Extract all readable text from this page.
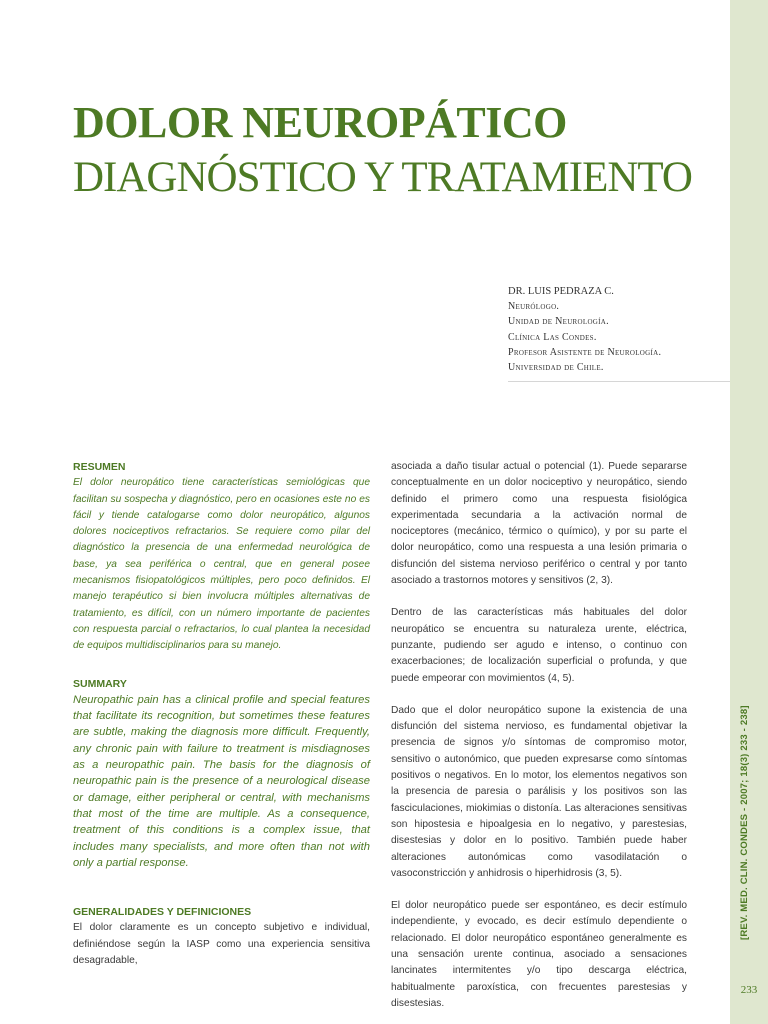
[REV. MED. CLIN. CONDES - 2007; 18(3) 233 - 238]
233
DOLOR NEUROPÁTICO
DIAGNÓSTICO Y TRATAMIENTO
DR. LUIS PEDRAZA C.
Neurólogo.
Unidad de Neurología.
Clínica Las Condes.
Profesor Asistente de Neurología.
Universidad de Chile.
RESUMEN

El dolor neuropático tiene características semiológicas que facilitan su sospecha y diagnóstico, pero en ocasiones este no es fácil y tiende catalogarse como dolor neuropático, algunos dolores nociceptivos refractarios. Se requiere como pilar del diagnóstico la presencia de una enfermedad neurológica de base, ya sea periférica o central, que en general posee mecanismos fisiopatológicos múltiples, pero poco definidos. El manejo terapéutico si bien involucra múltiples alternativas de tratamiento, es difícil, con un número importante de pacientes con respuesta parcial o refractarios, lo cual plantea la necesidad de equipos multidisciplinarios para su manejo.

SUMMARY

Neuropathic pain has a clinical profile and special features that facilitate its recognition, but sometimes these features are subtle, making the diagnosis more difficult. Frequently, any chronic pain with failure to treatment is misdiagnoses as a neuropathic pain. The basis for the diagnosis of neuropathic pain is the presence of a neurological disease or damage, either peripheral or central, with mechanisms that most of the time are multiple. As a consequence, treatment of this conditions is a complex issue, that includes many specialists, and more often than not with only a partial response.

GENERALIDADES Y DEFINICIONES

El dolor claramente es un concepto subjetivo e individual, definiéndose según la IASP como una experiencia sensitiva desagradable,

asociada a daño tisular actual o potencial (1). Puede separarse conceptualmente en un dolor nociceptivo y neuropático, siendo definido el primero como una respuesta fisiológica experimentada secundaria a la activación normal de nociceptores (mecánico, térmico o químico), y por su parte el dolor neuropático, como una respuesta a una lesión primaria o disfunción del sistema nervioso periférico o central y por tanto asociado a trastornos motores y sensitivos (2, 3).

Dentro de las características más habituales del dolor neuropático se encuentra su naturaleza urente, eléctrica, punzante, pudiendo ser agudo e intenso, o continuo con exacerbaciones; de localización superficial o profunda, y que puede empeorar con movimientos (4, 5).

Dado que el dolor neuropático supone la existencia de una disfunción del sistema nervioso, es fundamental objetivar la presencia de signos y/o síntomas de compromiso motor, sensitivo o autonómico, que pueden expresarse como síntomas positivos o negativos. En lo motor, los elementos negativos son la presencia de paresia o parálisis y los positivos son las fasciculaciones, miokimias o distonía. Las alteraciones sensitivas son hipostesia e hipoalgesia en lo negativo, y parestesias, disestesias y dolor en lo positivo. También puede haber alteraciones autonómicas como vasodilatación o vasoconstricción y anhidrosis o hiperhidrosis (3, 5).

El dolor neuropático puede ser espontáneo, es decir estímulo independiente, y evocado, es decir estímulo dependiente o relacionado. El dolor neuropático espontáneo generalmente es una sensación urente continua, asociado a sensaciones lancinates intermitentes y/o tipo descarga eléctrica, habitualmente paroxística, con frecuentes parestesias y disestesias.
